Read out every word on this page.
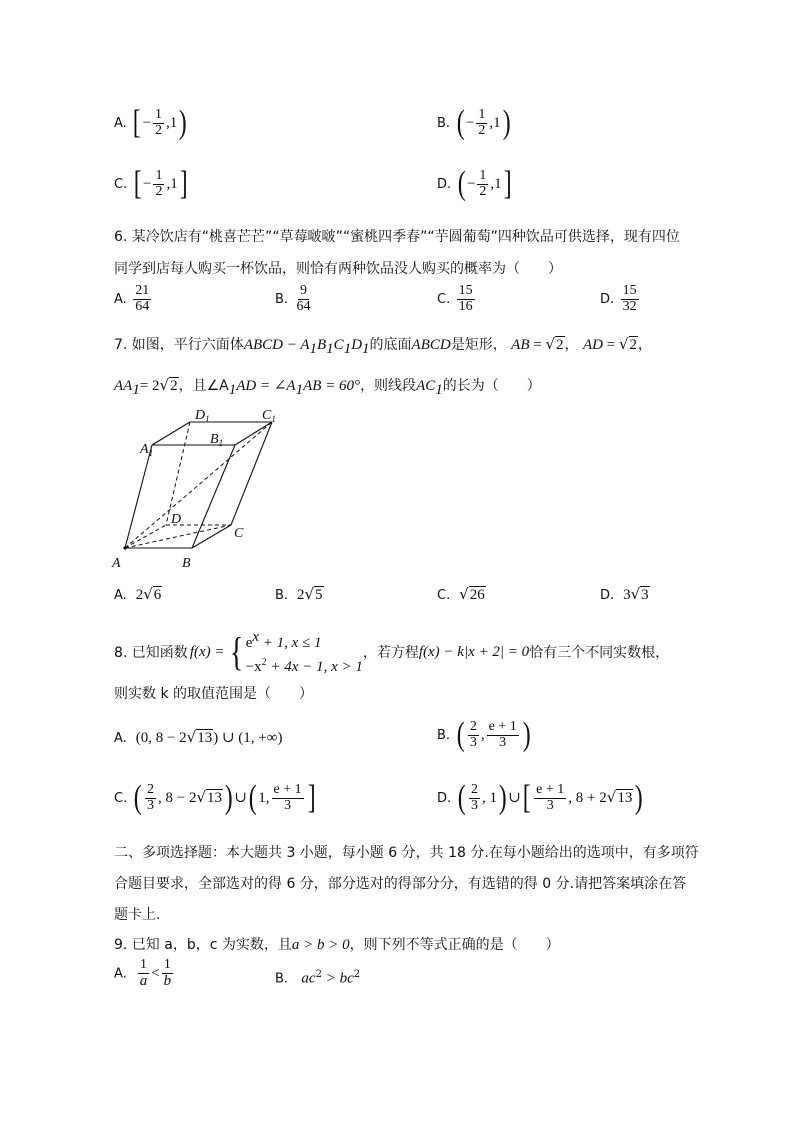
A. [ − $\frac{1}{2} ,1$)	B. ( − $\frac{1}{2} ,1$)
C. [ − $\frac{1}{2} ,1$]	D. ( − $\frac{1}{2} ,1$]
6. 某冷饮店有“桃喜芒芒”“草莓啵啵”“蜜桃四季春”“芋圆葡萄”四种饮品可供选择，现有四位
同学到店每人购买一杯饮品，则恰有两种饮品没人购买的概率为（　　）
A. $\frac{21}{64}$	B. $\frac{9}{64}$	C. $\frac{15}{16}$	D. $\frac{15}{32}$
7. 如图，平行六面体ABCD − $A_1B_1C_1D_1$的底面ABCD是矩形， AB = √2， AD = √2，
$AA_1= 2√2$，且$\angle A_1AD$ = $\angle A_1AB = 60^\circ$，则线段$AC_1$的长为（　　）
A	B
C
D
$A_1$
$B_1$
$C_1$
$D_1$
A. 2√6	B. 2√5	C. √26	D. 3√3
8. 已知函数 f(x) = { $e^x + 1$, x ≤ 1
$-x^2 + 4x - 1$, x > 1
，若方程 f(x) − k|x + 2| = 0 恰有三个不同实数根，
则实数 k 的取值范围是（　　）
A. (0, 8 − 2√13) ∪ (1, +∞)	B. ( $\frac{2}{3}$ , $\frac{e + 1}{3}$ )
C. ( $\frac{2}{3}$ , 8 − 2√13) ∪( 1, $\frac{e + 1}{3}$ ]	D. ( $\frac{2}{3}$ , 1) ∪[ $\frac{e + 1}{3}$ , 8 + 2√13)
二、多项选择题：本大题共 3 小题，每小题 6 分，共 18 分.在每小题给出的选项中，有多项符
合题目要求，全部选对的得 6 分，部分选对的得部分分，有选错的得 0 分.请把答案填涂在答
题卡上.
9. 已知 a，b，c 为实数，且a > b > 0，则下列不等式正确的是（　　）
A. $\frac{1}{a} < \frac{1}{b}$	B. $ac^2 > bc^2$
